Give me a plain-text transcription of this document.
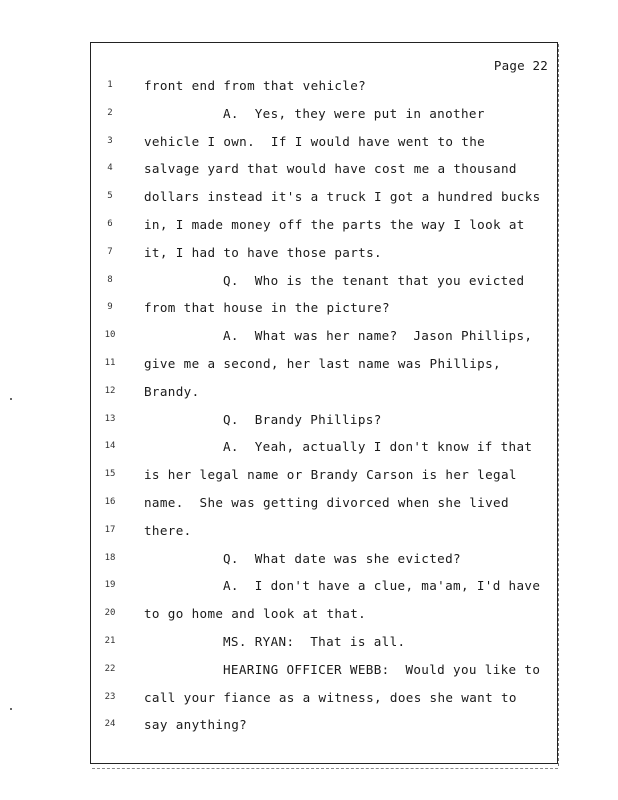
Page 22
1	front end from that vehicle?
2	A.  Yes, they were put in another
3	vehicle I own.  If I would have went to the
4	salvage yard that would have cost me a thousand
5	dollars instead it's a truck I got a hundred bucks
6	in, I made money off the parts the way I look at
7	it, I had to have those parts.
8	Q.  Who is the tenant that you evicted
9	from that house in the picture?
10	A.  What was her name?  Jason Phillips,
11	give me a second, her last name was Phillips,
12	Brandy.
13	Q.  Brandy Phillips?
14	A.  Yeah, actually I don't know if that
15	is her legal name or Brandy Carson is her legal
16	name.  She was getting divorced when she lived
17	there.
18	Q.  What date was she evicted?
19	A.  I don't have a clue, ma'am, I'd have
20	to go home and look at that.
21	MS. RYAN:  That is all.
22	HEARING OFFICER WEBB:  Would you like to
23	call your fiance as a witness, does she want to
24	say anything?
